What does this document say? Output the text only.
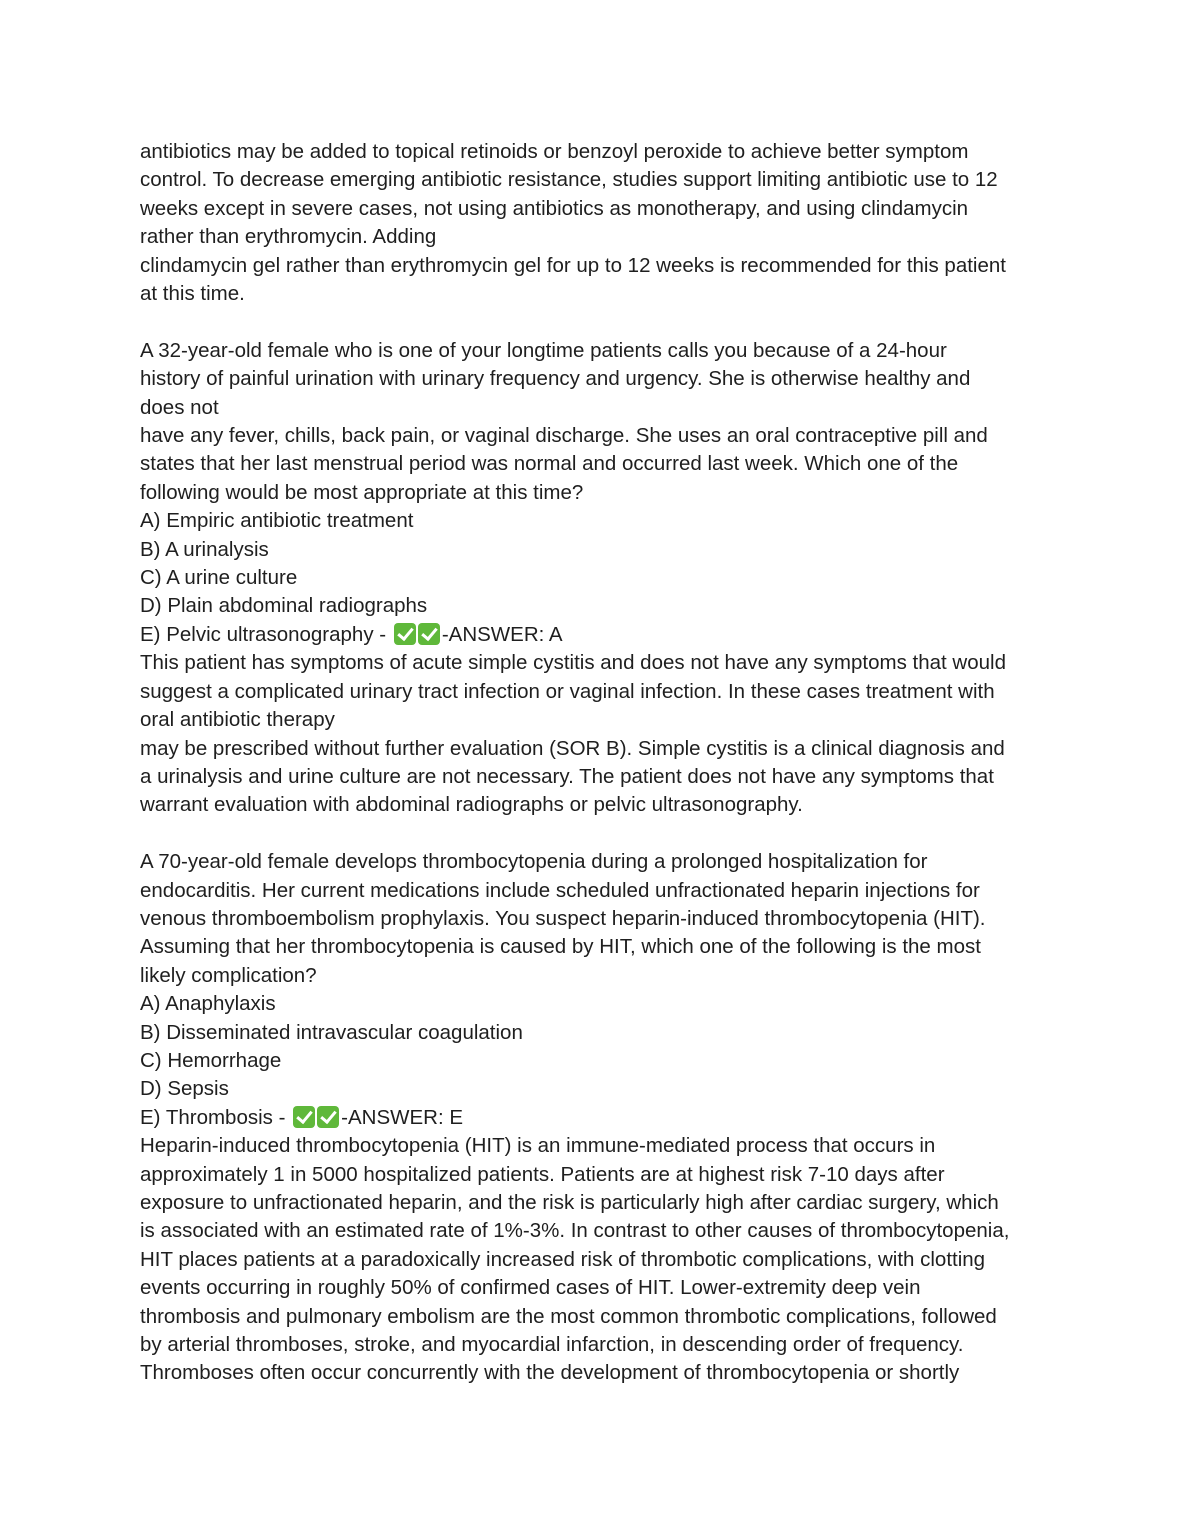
antibiotics may be added to topical retinoids or benzoyl peroxide to achieve better symptom
control. To decrease emerging antibiotic resistance, studies support limiting antibiotic use to 12
weeks except in severe cases, not using antibiotics as monotherapy, and using clindamycin
rather than erythromycin. Adding
clindamycin gel rather than erythromycin gel for up to 12 weeks is recommended for this patient
at this time.
A 32-year-old female who is one of your longtime patients calls you because of a 24-hour
history of painful urination with urinary frequency and urgency. She is otherwise healthy and
does not
have any fever, chills, back pain, or vaginal discharge. She uses an oral contraceptive pill and
states that her last menstrual period was normal and occurred last week. Which one of the
following would be most appropriate at this time?
A) Empiric antibiotic treatment
B) A urinalysis
C) A urine culture
D) Plain abdominal radiographs
E) Pelvic ultrasonography - -ANSWER: A
This patient has symptoms of acute simple cystitis and does not have any symptoms that would
suggest a complicated urinary tract infection or vaginal infection. In these cases treatment with
oral antibiotic therapy
may be prescribed without further evaluation (SOR B). Simple cystitis is a clinical diagnosis and
a urinalysis and urine culture are not necessary. The patient does not have any symptoms that
warrant evaluation with abdominal radiographs or pelvic ultrasonography.
A 70-year-old female develops thrombocytopenia during a prolonged hospitalization for
endocarditis. Her current medications include scheduled unfractionated heparin injections for
venous thromboembolism prophylaxis. You suspect heparin-induced thrombocytopenia (HIT).
Assuming that her thrombocytopenia is caused by HIT, which one of the following is the most
likely complication?
A) Anaphylaxis
B) Disseminated intravascular coagulation
C) Hemorrhage
D) Sepsis
E) Thrombosis - -ANSWER: E
Heparin-induced thrombocytopenia (HIT) is an immune-mediated process that occurs in
approximately 1 in 5000 hospitalized patients. Patients are at highest risk 7-10 days after
exposure to unfractionated heparin, and the risk is particularly high after cardiac surgery, which
is associated with an estimated rate of 1%-3%. In contrast to other causes of thrombocytopenia,
HIT places patients at a paradoxically increased risk of thrombotic complications, with clotting
events occurring in roughly 50% of confirmed cases of HIT. Lower-extremity deep vein
thrombosis and pulmonary embolism are the most common thrombotic complications, followed
by arterial thromboses, stroke, and myocardial infarction, in descending order of frequency.
Thromboses often occur concurrently with the development of thrombocytopenia or shortly
